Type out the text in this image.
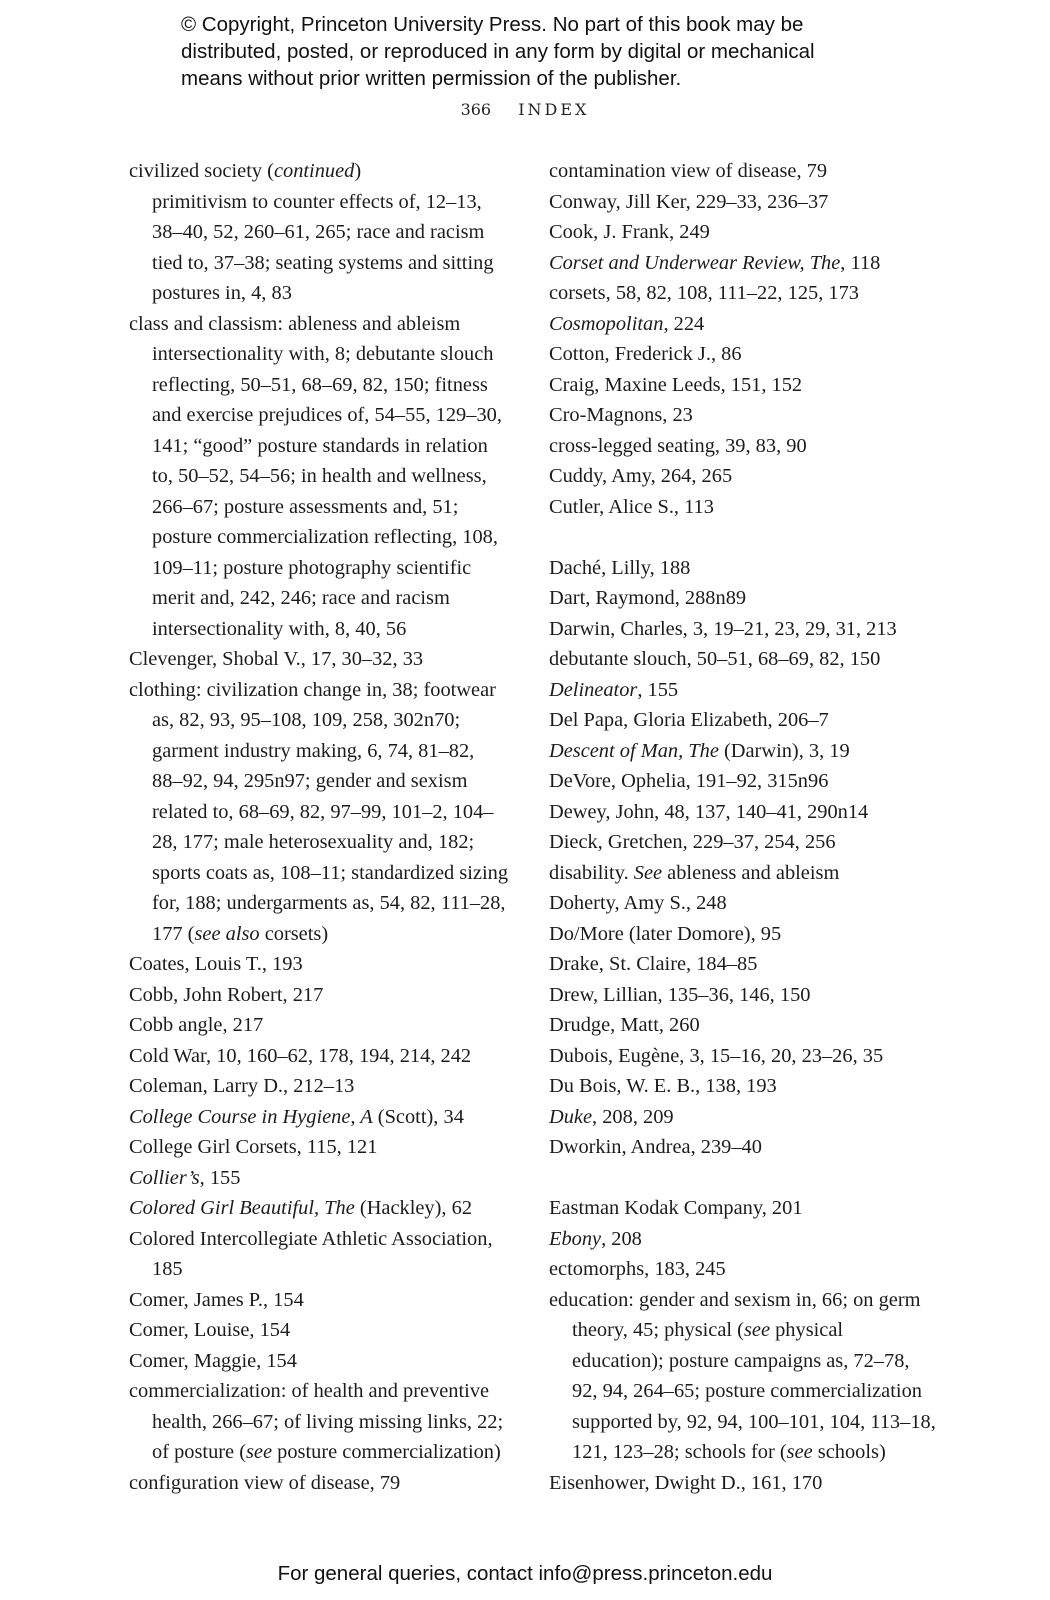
© Copyright, Princeton University Press. No part of this book may be
distributed, posted, or reproduced in any form by digital or mechanical
means without prior written permission of the publisher.
366 INDEX
civilized society (continued)
primitivism to counter effects of, 12–13, 38–40, 52, 260–61, 265; race and racism tied to, 37–38; seating systems and sitting postures in, 4, 83
class and classism: ableness and ableism intersectionality with, 8; debutante slouch reflecting, 50–51, 68–69, 82, 150; fitness and exercise prejudices of, 54–55, 129–30, 141; “good” posture standards in relation to, 50–52, 54–56; in health and wellness, 266–67; posture assessments and, 51; posture commercialization reflecting, 108, 109–11; posture photography scientific merit and, 242, 246; race and racism intersectionality with, 8, 40, 56
Clevenger, Shobal V., 17, 30–32, 33
clothing: civilization change in, 38; footwear as, 82, 93, 95–108, 109, 258, 302n70; garment industry making, 6, 74, 81–82, 88–92, 94, 295n97; gender and sexism related to, 68–69, 82, 97–99, 101–2, 104–28, 177; male heterosexuality and, 182; sports coats as, 108–11; standardized sizing for, 188; undergarments as, 54, 82, 111–28, 177 (see also corsets)
Coates, Louis T., 193
Cobb, John Robert, 217
Cobb angle, 217
Cold War, 10, 160–62, 178, 194, 214, 242
Coleman, Larry D., 212–13
College Course in Hygiene, A (Scott), 34
College Girl Corsets, 115, 121
Collier’s, 155
Colored Girl Beautiful, The (Hackley), 62
Colored Intercollegiate Athletic Association, 185
Comer, James P., 154
Comer, Louise, 154
Comer, Maggie, 154
commercialization: of health and preventive health, 266–67; of living missing links, 22; of posture (see posture commercialization)
configuration view of disease, 79
contamination view of disease, 79
Conway, Jill Ker, 229–33, 236–37
Cook, J. Frank, 249
Corset and Underwear Review, The, 118
corsets, 58, 82, 108, 111–22, 125, 173
Cosmopolitan, 224
Cotton, Frederick J., 86
Craig, Maxine Leeds, 151, 152
Cro-Magnons, 23
cross-legged seating, 39, 83, 90
Cuddy, Amy, 264, 265
Cutler, Alice S., 113
Daché, Lilly, 188
Dart, Raymond, 288n89
Darwin, Charles, 3, 19–21, 23, 29, 31, 213
debutante slouch, 50–51, 68–69, 82, 150
Delineator, 155
Del Papa, Gloria Elizabeth, 206–7
Descent of Man, The (Darwin), 3, 19
DeVore, Ophelia, 191–92, 315n96
Dewey, John, 48, 137, 140–41, 290n14
Dieck, Gretchen, 229–37, 254, 256
disability. See ableness and ableism
Doherty, Amy S., 248
Do/More (later Domore), 95
Drake, St. Claire, 184–85
Drew, Lillian, 135–36, 146, 150
Drudge, Matt, 260
Dubois, Eugène, 3, 15–16, 20, 23–26, 35
Du Bois, W. E. B., 138, 193
Duke, 208, 209
Dworkin, Andrea, 239–40
Eastman Kodak Company, 201
Ebony, 208
ectomorphs, 183, 245
education: gender and sexism in, 66; on germ theory, 45; physical (see physical education); posture campaigns as, 72–78, 92, 94, 264–65; posture commercialization supported by, 92, 94, 100–101, 104, 113–18, 121, 123–28; schools for (see schools)
Eisenhower, Dwight D., 161, 170
For general queries, contact info@press.princeton.edu
